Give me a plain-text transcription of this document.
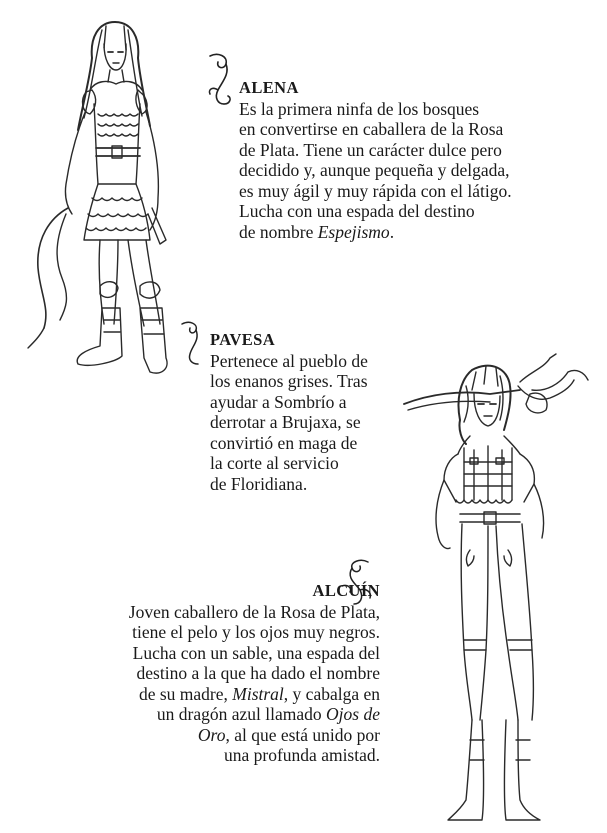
ALENA
Es la primera ninfa de los bosques
en convertirse en caballera de la Rosa
de Plata. Tiene un carácter dulce pero
decidido y, aunque pequeña y delgada,
es muy ágil y muy rápida con el látigo.
Lucha con una espada del destino
de nombre Espejismo.
PAVESA
Pertenece al pueblo de
los enanos grises. Tras
ayudar a Sombrío a
derrotar a Brujaxa, se
convirtió en maga de
la corte al servicio
de Floridiana.
ALCUÍN
Joven caballero de la Rosa de Plata,
tiene el pelo y los ojos muy negros.
Lucha con un sable, una espada del
destino a la que ha dado el nombre
de su madre, Mistral, y cabalga en
un dragón azul llamado Ojos de
Oro, al que está unido por
una profunda amistad.
